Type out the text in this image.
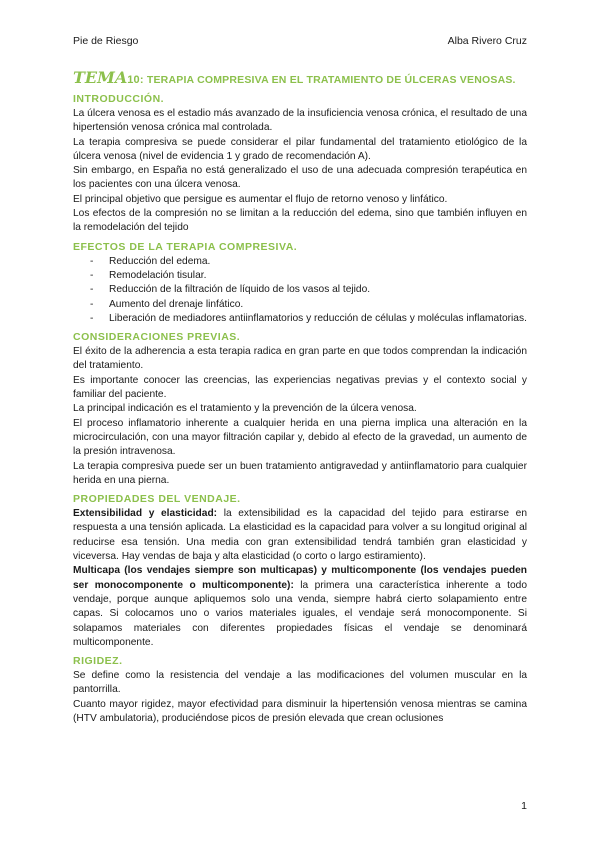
Pie de Riesgo	Alba Rivero Cruz
TEMA10: TERAPIA COMPRESIVA EN EL TRATAMIENTO DE ÚLCERAS VENOSAS.
INTRODUCCIÓN.

La úlcera venosa es el estadio más avanzado de la insuficiencia venosa crónica, el resultado de una hipertensión venosa crónica mal controlada.

La terapia compresiva se puede considerar el pilar fundamental del tratamiento etiológico de la úlcera venosa (nivel de evidencia 1 y grado de recomendación A).

Sin embargo, en España no está generalizado el uso de una adecuada compresión terapéutica en los pacientes con una úlcera venosa.

El principal objetivo que persigue es aumentar el flujo de retorno venoso y linfático.

Los efectos de la compresión no se limitan a la reducción del edema, sino que también influyen en la remodelación del tejido

EFECTOS DE LA TERAPIA COMPRESIVA.
- Reducción del edema.
- Remodelación tisular.
- Reducción de la filtración de líquido de los vasos al tejido.
- Aumento del drenaje linfático.
- Liberación de mediadores antiinflamatorios y reducción de células y moléculas inflamatorias.
CONSIDERACIONES PREVIAS.

El éxito de la adherencia a esta terapia radica en gran parte en que todos comprendan la indicación del tratamiento.

Es importante conocer las creencias, las experiencias negativas previas y el contexto social y familiar del paciente.

La principal indicación es el tratamiento y la prevención de la úlcera venosa.

El proceso inflamatorio inherente a cualquier herida en una pierna implica una alteración en la microcirculación, con una mayor filtración capilar y, debido al efecto de la gravedad, un aumento de la presión intravenosa.

La terapia compresiva puede ser un buen tratamiento antigravedad y antiinflamatorio para cualquier herida en una pierna.

PROPIEDADES DEL VENDAJE.

Extensibilidad y elasticidad: la extensibilidad es la capacidad del tejido para estirarse en respuesta a una tensión aplicada. La elasticidad es la capacidad para volver a su longitud original al reducirse esa tensión. Una media con gran extensibilidad tendrá también gran elasticidad y viceversa. Hay vendas de baja y alta elasticidad (o corto o largo estiramiento).

Multicapa (los vendajes siempre son multicapas) y multicomponente (los vendajes pueden ser monocomponente o multicomponente): la primera una característica inherente a todo vendaje, porque aunque apliquemos solo una venda, siempre habrá cierto solapamiento entre capas. Si colocamos uno o varios materiales iguales, el vendaje será monocomponente. Si solapamos materiales con diferentes propiedades físicas el vendaje se denominará multicomponente.

RIGIDEZ.

Se define como la resistencia del vendaje a las modificaciones del volumen muscular en la pantorrilla.

Cuanto mayor rigidez, mayor efectividad para disminuir la hipertensión venosa mientras se camina (HTV ambulatoria), produciéndose picos de presión elevada que crean oclusiones

1
